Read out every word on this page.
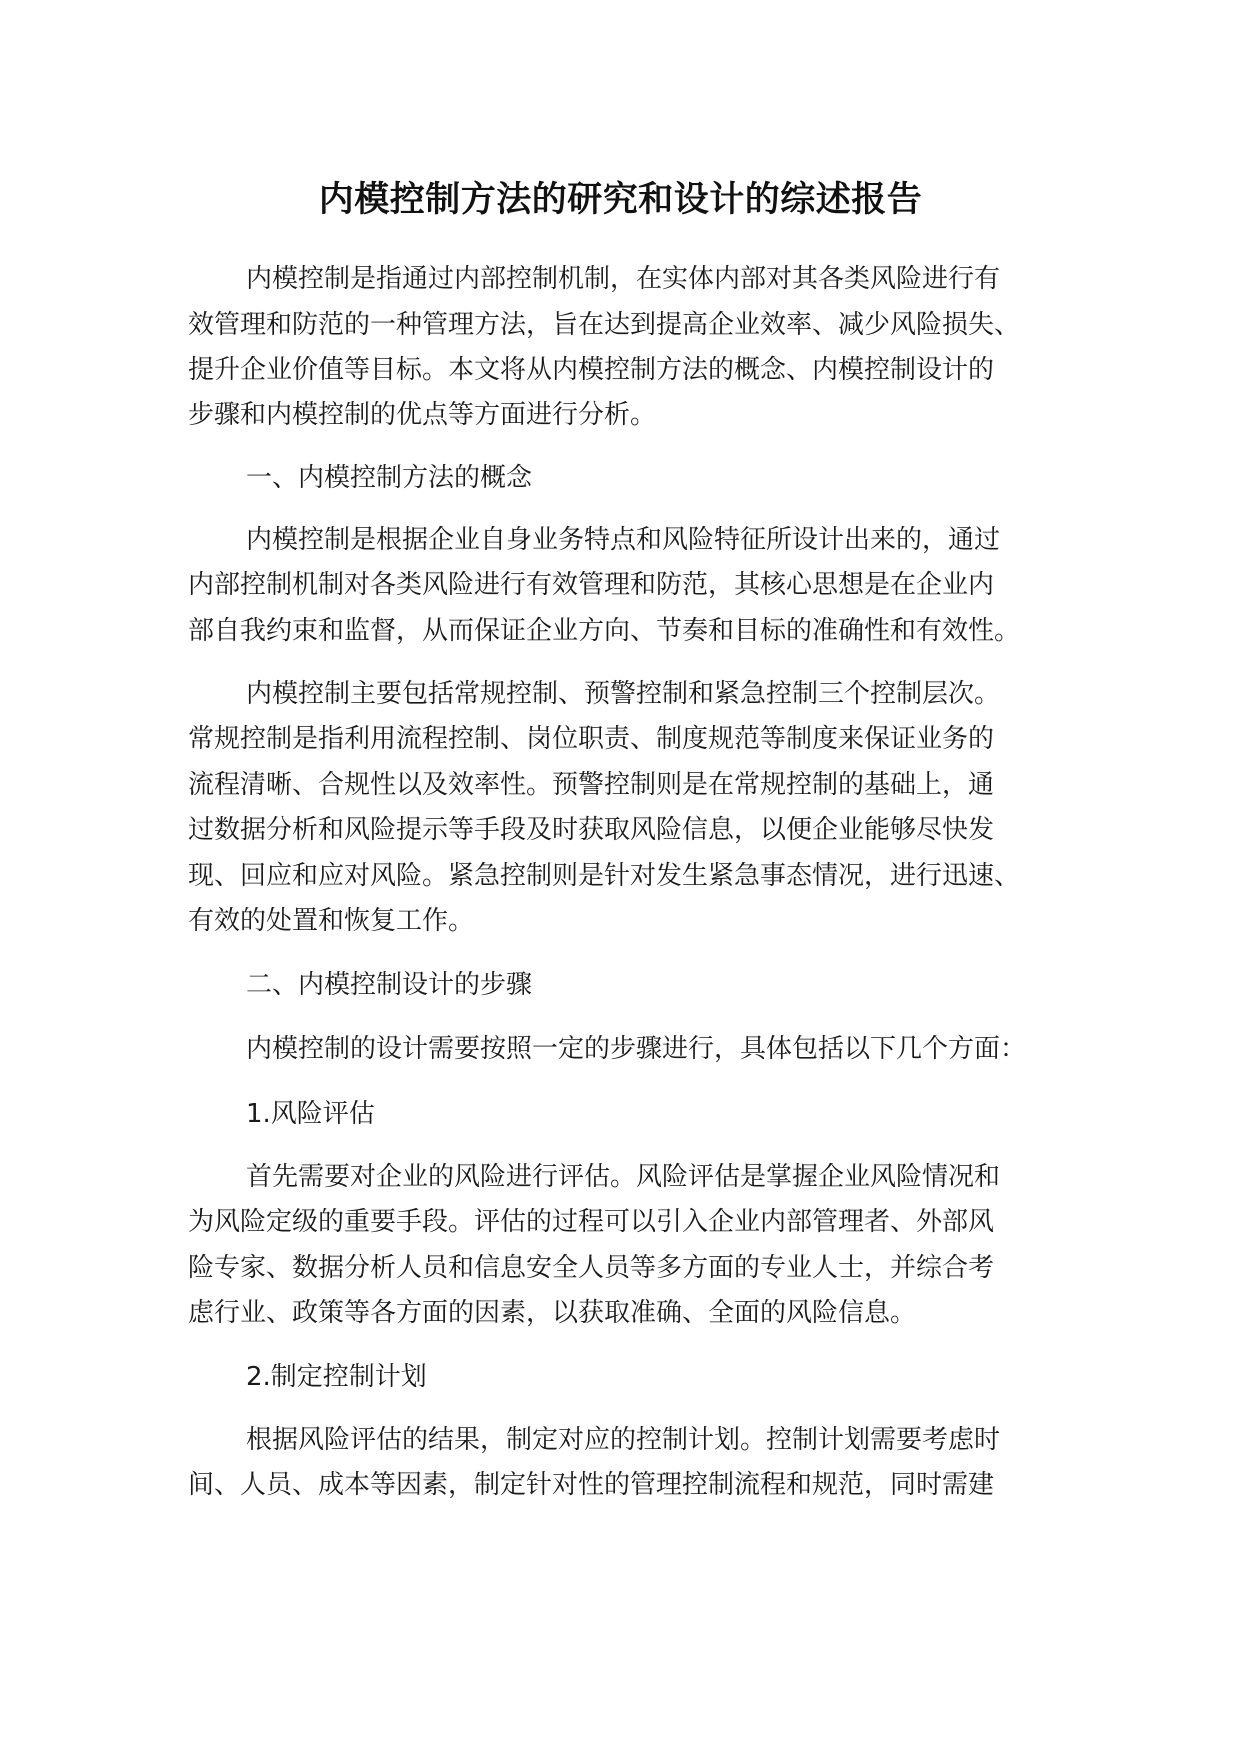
内模控制方法的研究和设计的综述报告
内模控制是指通过内部控制机制，在实体内部对其各类风险进行有
效管理和防范的一种管理方法，旨在达到提高企业效率、减少风险损失、
提升企业价值等目标。本文将从内模控制方法的概念、内模控制设计的
步骤和内模控制的优点等方面进行分析。
一、内模控制方法的概念
内模控制是根据企业自身业务特点和风险特征所设计出来的，通过
内部控制机制对各类风险进行有效管理和防范，其核心思想是在企业内
部自我约束和监督，从而保证企业方向、节奏和目标的准确性和有效性。
内模控制主要包括常规控制、预警控制和紧急控制三个控制层次。
常规控制是指利用流程控制、岗位职责、制度规范等制度来保证业务的
流程清晰、合规性以及效率性。预警控制则是在常规控制的基础上，通
过数据分析和风险提示等手段及时获取风险信息，以便企业能够尽快发
现、回应和应对风险。紧急控制则是针对发生紧急事态情况，进行迅速、
有效的处置和恢复工作。
二、内模控制设计的步骤
内模控制的设计需要按照一定的步骤进行，具体包括以下几个方面：
1.风险评估
首先需要对企业的风险进行评估。风险评估是掌握企业风险情况和
为风险定级的重要手段。评估的过程可以引入企业内部管理者、外部风
险专家、数据分析人员和信息安全人员等多方面的专业人士，并综合考
虑行业、政策等各方面的因素，以获取准确、全面的风险信息。
2.制定控制计划
根据风险评估的结果，制定对应的控制计划。控制计划需要考虑时
间、人员、成本等因素，制定针对性的管理控制流程和规范，同时需建
